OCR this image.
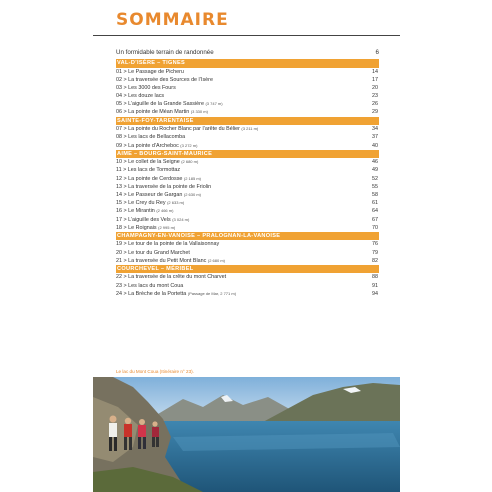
SOMMAIRE
Un formidable terrain de randonnée	6
VAL-D’ISÈRE – TIGNES
01 > Le Passage de Picheru	14
02 > La traversée des Sources de l’Isère	17
03 > Les 3000 des Fours	20
04 > Les douze lacs	23
05 > L’aiguille de la Grande Sassière (3 747 m)	26
06 > La pointe de Méan Martin (3 330 m)	29
SAINTE-FOY-TARENTAISE
07 > La pointe du Rocher Blanc par l’arête du Bélier (3 211 m)	34
08 > Les lacs de Bellacomba	37
09 > La pointe d’Archeboc (3 272 m)	40
AIME – BOURG-SAINT-MAURICE
10 > Le collet de la Seigne (2 680 m)	46
11 > Les lacs de Tormottaz	49
12 > La pointe de Cerdosse (2 185 m)	52
13 > La traversée de la pointe de Friolin	55
14 > Le Passeur de Gargan (2 630 m)	58
15 > Le Crey du Rey (2 633 m)	61
16 > Le Mirantin (2 466 m)	64
17 > L’aiguille des Vels (3 024 m)	67
18 > Le Roignais (2 995 m)	70
CHAMPAGNY-EN-VANOISE – PRALOGNAN-LA-VANOISE
19 > Le tour de la pointe de la Vallaisonnay	76
20 > Le tour du Grand Marchet	79
21 > La traversée du Petit Mont Blanc (2 680 m)	82
COURCHEVEL – MÉRIBEL
22 > La traversée de la crête du mont Charvet	88
23 > Les lacs du mont Coua	91
24 > La Brèche de la Portetta (Passage de Mar, 2 771 m)	94
Le lac du Mont Coua (Itinéraire n° 23).
